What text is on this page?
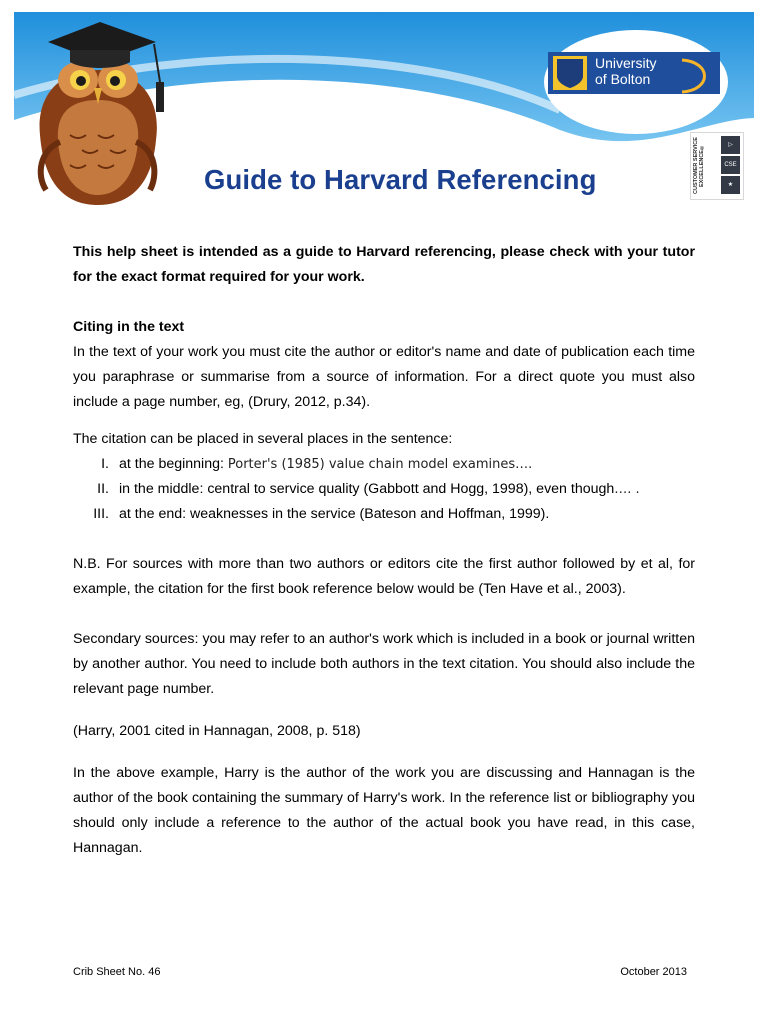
University
of Bolton
CUSTOMER SERVICE EXCELLENCE®	▷
CSE
★
Guide to Harvard Referencing

This help sheet is intended as a guide to Harvard referencing, please check with your tutor for the exact format required for your work.

Citing in the text

In the text of your work you must cite the author or editor's name and date of publication each time you paraphrase or summarise from a source of information. For a direct quote you must also include a page number, eg, (Drury, 2012, p.34).

The citation can be placed in several places in the sentence:

I. at the beginning: Porter's (1985) value chain model examines….
II. in the middle: central to service quality (Gabbott and Hogg, 1998), even though…. .
III. at the end: weaknesses in the service (Bateson and Hoffman, 1999).

N.B. For sources with more than two authors or editors cite the first author followed by et al, for example, the citation for the first book reference below would be (Ten Have et al., 2003).

Secondary sources: you may refer to an author's work which is included in a book or journal written by another author. You need to include both authors in the text citation. You should also include the relevant page number.

(Harry, 2001 cited in Hannagan, 2008, p. 518)

In the above example, Harry is the author of the work you are discussing and Hannagan is the author of the book containing the summary of Harry's work. In the reference list or bibliography you should only include a reference to the author of the actual book you have read, in this case, Hannagan.

Crib Sheet No. 46	October 2013
